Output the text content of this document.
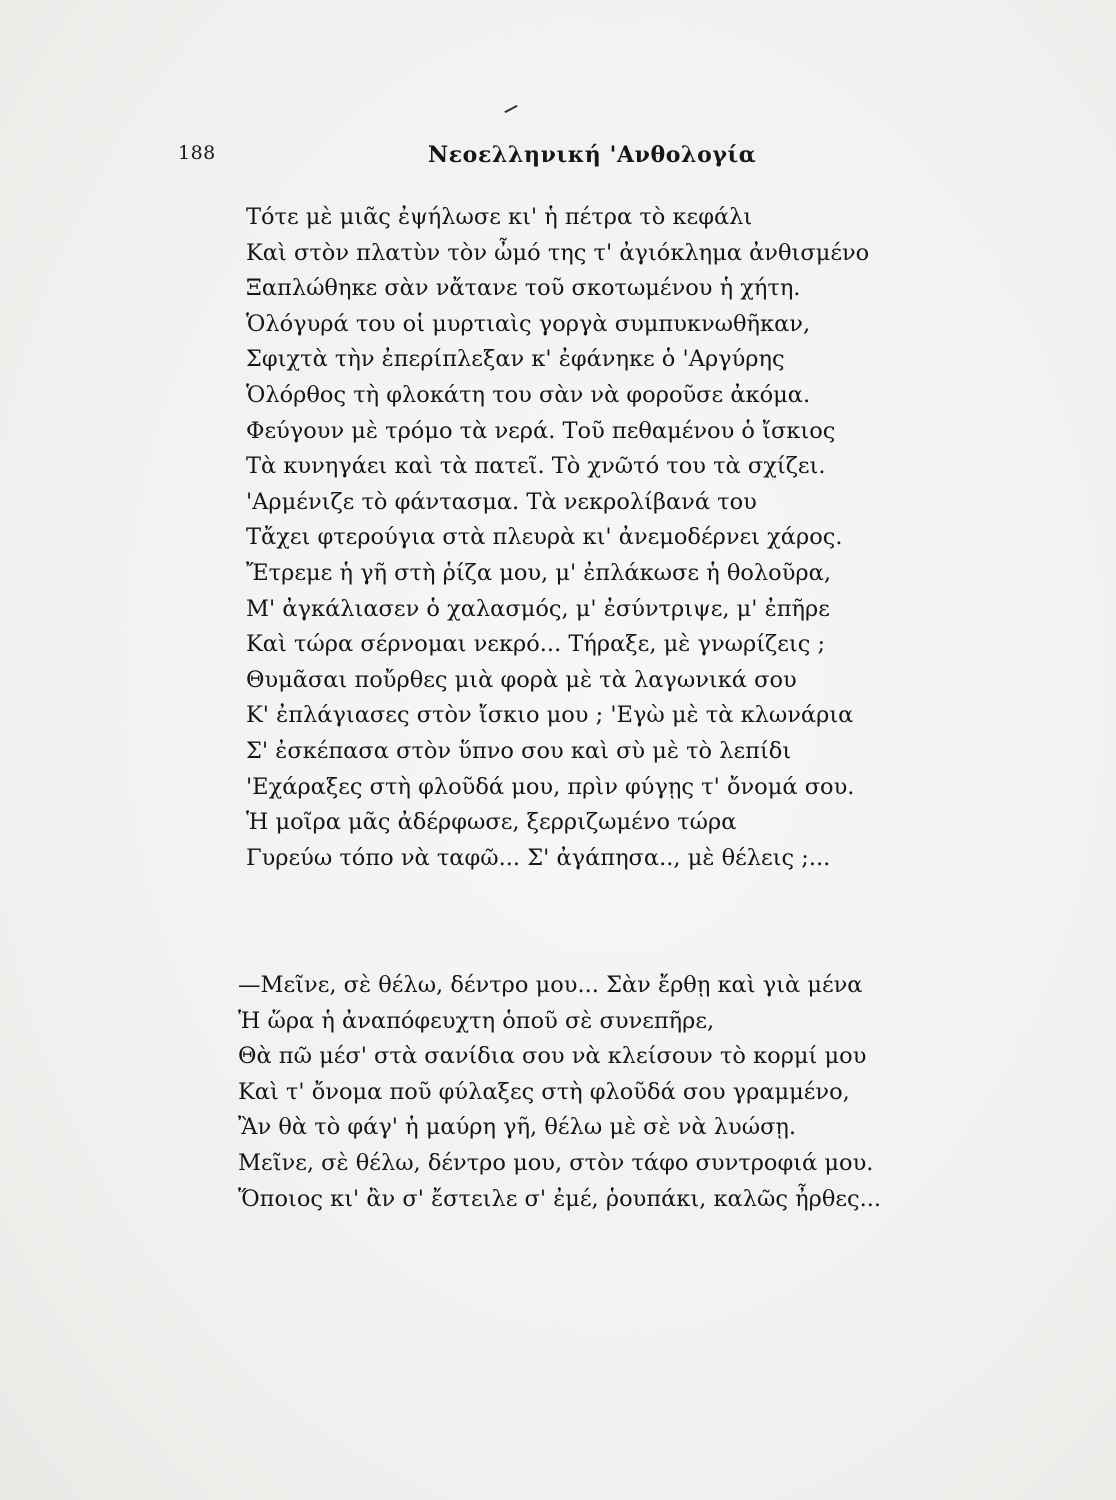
188	Νεοελληνική 'Ανθολογία
Τότε μὲ μιᾶς ἐψήλωσε κι' ἡ πέτρα τὸ κεφάλι
Καὶ στὸν πλατὺν τὸν ὦμό της τ' ἀγιόκλημα ἀνθισμένο
Ξαπλώθηκε σὰν νἄτανε τοῦ σκοτωμένου ἡ χήτη.
Ὁλόγυρά του οἱ μυρτιαὶς γοργὰ συμπυκνωθῆκαν,
Σφιχτὰ τὴν ἐπερίπλεξαν κ' ἐφάνηκε ὁ 'Αργύρης
Ὁλόρθος τὴ φλοκάτη του σὰν νὰ φοροῦσε ἀκόμα.
Φεύγουν μὲ τρόμο τὰ νερά. Τοῦ πεθαμένου ὁ ἴσκιος
Τὰ κυνηγάει καὶ τὰ πατεῖ. Τὸ χνῶτό του τὰ σχίζει.
'Αρμένιζε τὸ φάντασμα. Τὰ νεκρολίβανά του
Τἄχει φτερούγια στὰ πλευρὰ κι' ἀνεμοδέρνει χάρος.
Ἔτρεμε ἡ γῆ στὴ ῥίζα μου, μ' ἐπλάκωσε ἡ θολοῦρα,
Μ' ἀγκάλιασεν ὁ χαλασμός, μ' ἐσύντριψε, μ' ἐπῆρε
Καὶ τώρα σέρνομαι νεκρό... Τήραξε, μὲ γνωρίζεις ;
Θυμᾶσαι ποὔρθες μιὰ φορὰ μὲ τὰ λαγωνικά σου
Κ' ἐπλάγιασες στὸν ἴσκιο μου ; 'Εγὼ μὲ τὰ κλωνάρια
Σ' ἐσκέπασα στὸν ὕπνο σου καὶ σὺ μὲ τὸ λεπίδι
'Εχάραξες στὴ φλοῦδά μου, πρὶν φύγῃς τ' ὄνομά σου.
Ἡ μοῖρα μᾶς ἀδέρφωσε, ξερριζωμένο τώρα
Γυρεύω τόπο νὰ ταφῶ... Σ' ἀγάπησα.., μὲ θέλεις ;...
—Μεῖνε, σὲ θέλω, δέντρο μου... Σὰν ἔρθῃ καὶ γιὰ μένα
Ἡ ὥρα ἡ ἀναπόφευχτη ὁποῦ σὲ συνεπῆρε,
Θὰ πῶ μέσ' στὰ σανίδια σου νὰ κλείσουν τὸ κορμί μου
Καὶ τ' ὄνομα ποῦ φύλαξες στὴ φλοῦδά σου γραμμένο,
Ἂν θὰ τὸ φάγ' ἡ μαύρη γῆ, θέλω μὲ σὲ νὰ λυώσῃ.
Μεῖνε, σὲ θέλω, δέντρο μου, στὸν τάφο συντροφιά μου.
Ὅποιος κι' ἂν σ' ἔστειλε σ' ἐμέ, ῥουπάκι, καλῶς ἦρθες...
